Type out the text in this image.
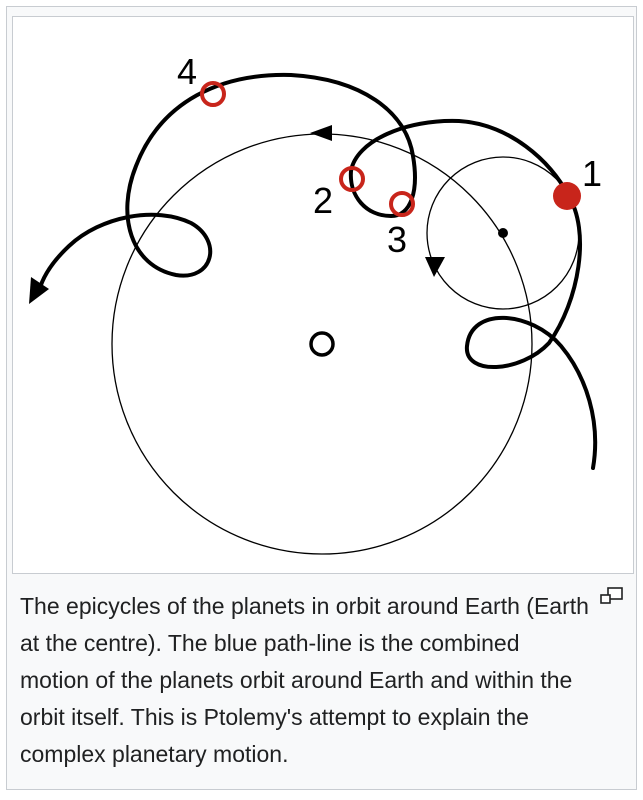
1
2
3
4
The epicycles of the planets in orbit around Earth (Earth at the centre). The blue path-line is the combined motion of the planets orbit around Earth and within the orbit itself. This is Ptolemy's attempt to explain the complex planetary motion.
